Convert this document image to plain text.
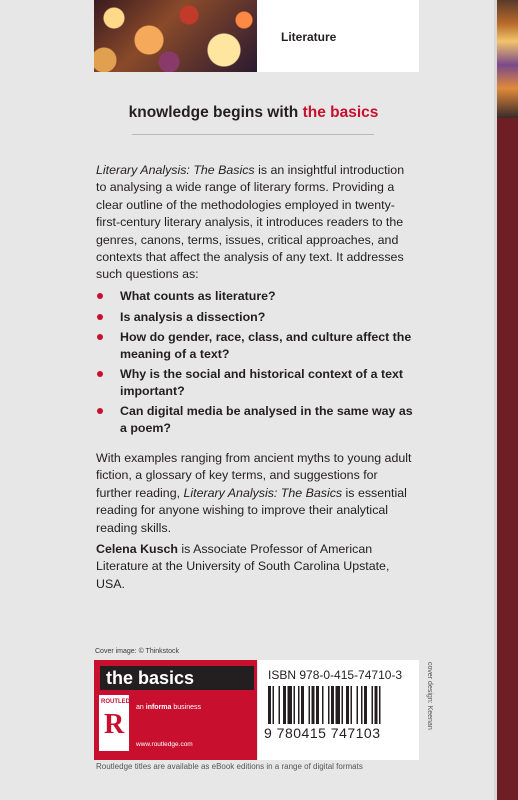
Literature
knowledge begins with the basics

Literary Analysis: The Basics is an insightful introduction to analysing a wide range of literary forms. Providing a clear outline of the methodologies employed in twenty-first-century literary analysis, it introduces readers to the genres, canons, terms, issues, critical approaches, and contexts that affect the analysis of any text. It addresses such questions as:

What counts as literature?
Is analysis a dissection?
How do gender, race, class, and culture affect the meaning of a text?
Why is the social and historical context of a text important?
Can digital media be analysed in the same way as a poem?

With examples ranging from ancient myths to young adult fiction, a glossary of key terms, and suggestions for further reading, Literary Analysis: The Basics is essential reading for anyone wishing to improve their analytical reading skills.

Celena Kusch is Associate Professor of American Literature at the University of South Carolina Upstate, USA.

Cover image: © Thinkstock
the basics
ROUTLEDGE
R
an informa business
www.routledge.com
ISBN 978-0-415-74710-3
9 780415 747103
cover design: Keenan
Routledge titles are available as eBook editions in a range of digital formats
